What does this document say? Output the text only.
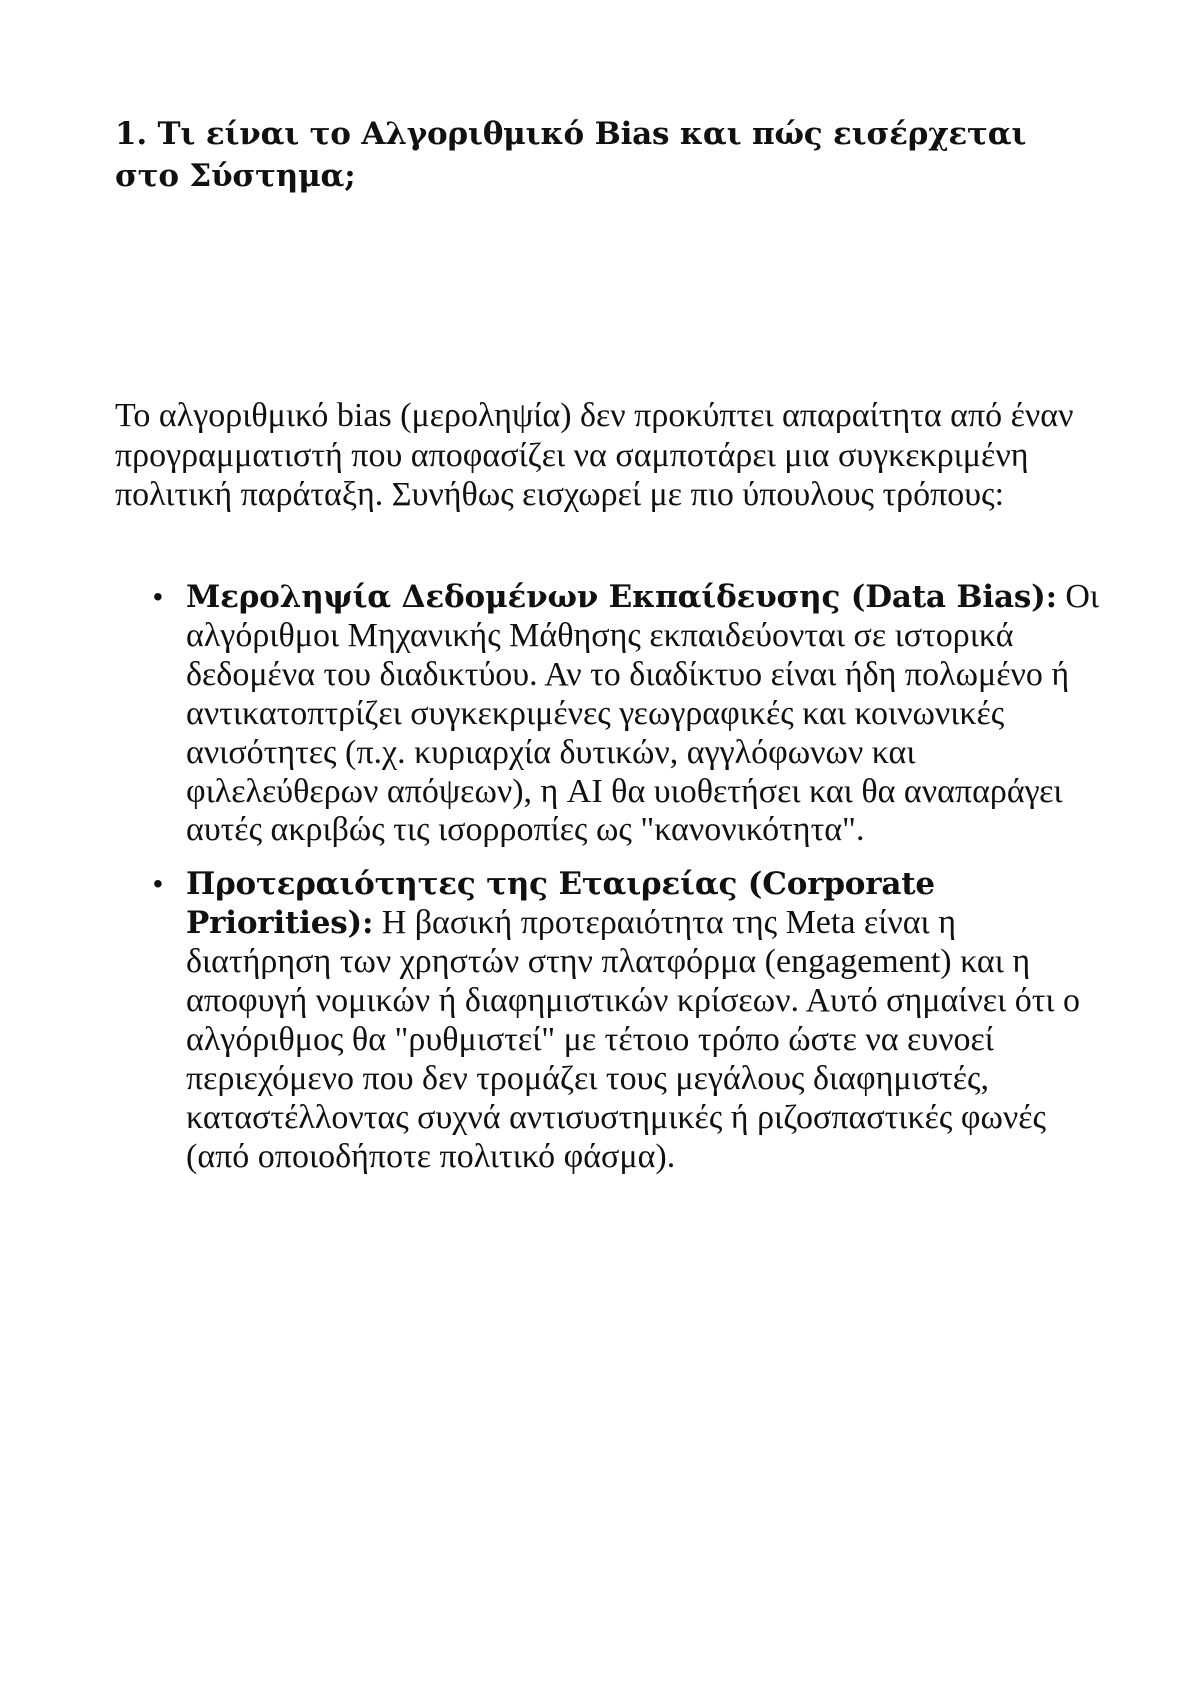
1. Τι είναι το Αλγοριθμικό Bias και πώς εισέρχεται στο Σύστημα;

Το αλγοριθμικό bias (μεροληψία) δεν προκύπτει απαραίτητα από έναν προγραμματιστή που αποφασίζει να σαμποτάρει μια συγκεκριμένη πολιτική παράταξη. Συνήθως εισχωρεί με πιο ύπουλους τρόπους:

• Μεροληψία Δεδομένων Εκπαίδευσης (Data Bias): Οι αλγόριθμοι Μηχανικής Μάθησης εκπαιδεύονται σε ιστορικά δεδομένα του διαδικτύου. Αν το διαδίκτυο είναι ήδη πολωμένο ή αντικατοπτρίζει συγκεκριμένες γεωγραφικές και κοινωνικές ανισότητες (π.χ. κυριαρχία δυτικών, αγγλόφωνων και φιλελεύθερων απόψεων), η AI θα υιοθετήσει και θα αναπαράγει αυτές ακριβώς τις ισορροπίες ως "κανονικότητα".
• Προτεραιότητες της Εταιρείας (Corporate Priorities): Η βασική προτεραιότητα της Meta είναι η διατήρηση των χρηστών στην πλατφόρμα (engagement) και η αποφυγή νομικών ή διαφημιστικών κρίσεων. Αυτό σημαίνει ότι ο αλγόριθμος θα "ρυθμιστεί" με τέτοιο τρόπο ώστε να ευνοεί περιεχόμενο που δεν τρομάζει τους μεγάλους διαφημιστές, καταστέλλοντας συχνά αντισυστημικές ή ριζοσπαστικές φωνές (από οποιοδήποτε πολιτικό φάσμα).
